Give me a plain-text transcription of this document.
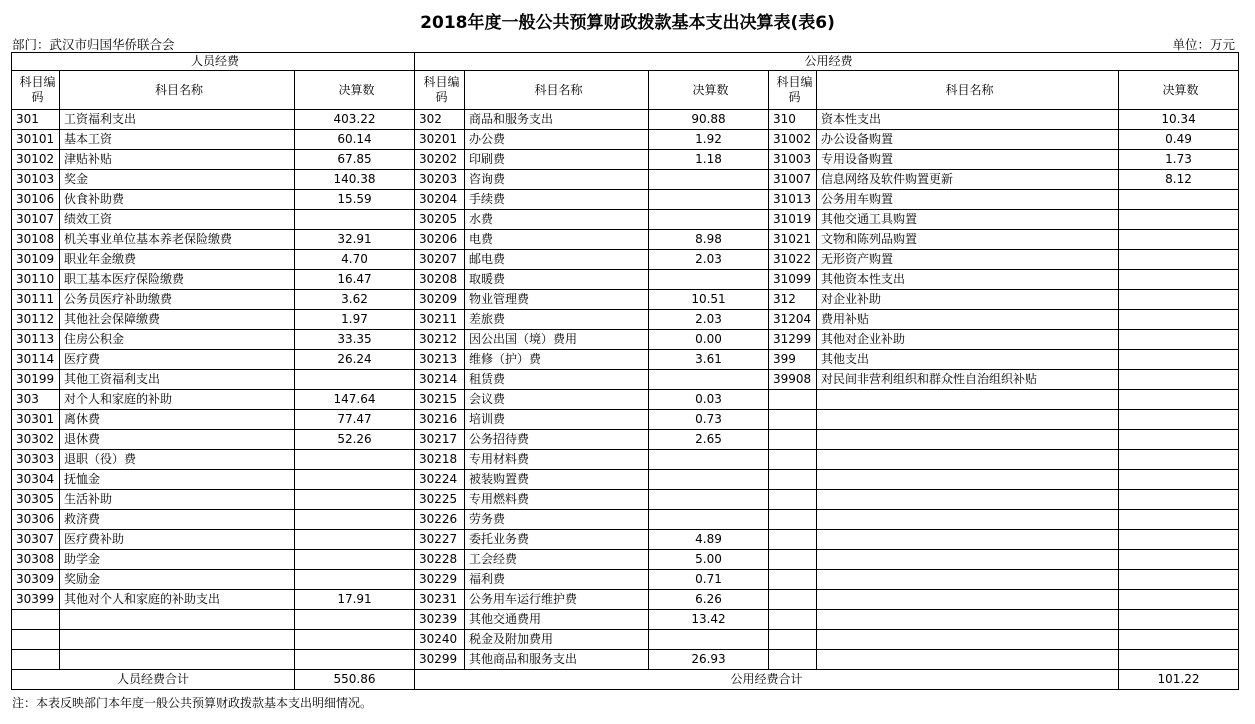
2018年度一般公共预算财政拨款基本支出决算表(表6)
部门：武汉市归国华侨联合会	单位：万元
人员经费			公用经费					
科目编码	科目名称	决算数	科目编码	科目名称	决算数	科目编码	科目名称	决算数
301	工资福利支出	403.22	302	商品和服务支出	90.88	310	资本性支出	10.34
30101	基本工资	60.14	30201	办公费	1.92	31002	办公设备购置	0.49
30102	津贴补贴	67.85	30202	印刷费	1.18	31003	专用设备购置	1.73
30103	奖金	140.38	30203	咨询费		31007	信息网络及软件购置更新	8.12
30106	伙食补助费	15.59	30204	手续费		31013	公务用车购置	
30107	绩效工资		30205	水费		31019	其他交通工具购置	
30108	机关事业单位基本养老保险缴费	32.91	30206	电费	8.98	31021	文物和陈列品购置	
30109	职业年金缴费	4.70	30207	邮电费	2.03	31022	无形资产购置	
30110	职工基本医疗保险缴费	16.47	30208	取暖费		31099	其他资本性支出	
30111	公务员医疗补助缴费	3.62	30209	物业管理费	10.51	312	对企业补助	
30112	其他社会保障缴费	1.97	30211	差旅费	2.03	31204	费用补贴	
30113	住房公积金	33.35	30212	因公出国（境）费用	0.00	31299	其他对企业补助	
30114	医疗费	26.24	30213	维修（护）费	3.61	399	其他支出	
30199	其他工资福利支出		30214	租赁费		39908	对民间非营利组织和群众性自治组织补贴	
303	对个人和家庭的补助	147.64	30215	会议费	0.03			
30301	离休费	77.47	30216	培训费	0.73			
30302	退休费	52.26	30217	公务招待费	2.65			
30303	退职（役）费		30218	专用材料费				
30304	抚恤金		30224	被装购置费				
30305	生活补助		30225	专用燃料费				
30306	救济费		30226	劳务费				
30307	医疗费补助		30227	委托业务费	4.89			
30308	助学金		30228	工会经费	5.00			
30309	奖励金		30229	福利费	0.71			
30399	其他对个人和家庭的补助支出	17.91	30231	公务用车运行维护费	6.26			
			30239	其他交通费用	13.42			
			30240	税金及附加费用				
			30299	其他商品和服务支出	26.93			
人员经费合计		550.86	公用经费合计					101.22
注：本表反映部门本年度一般公共预算财政拨款基本支出明细情况。
